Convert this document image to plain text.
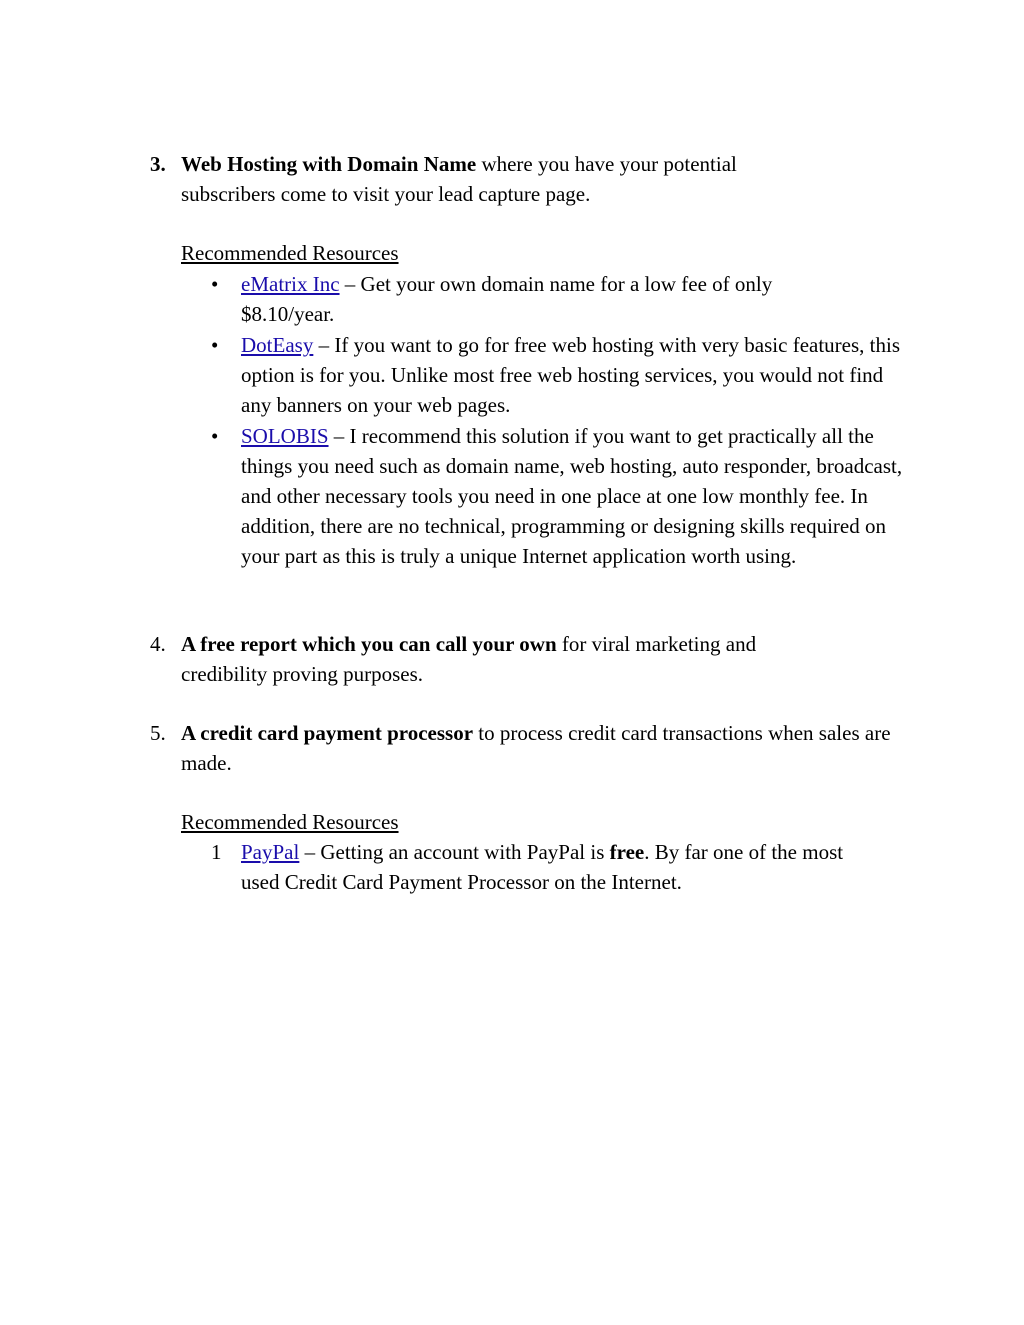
3. Web Hosting with Domain Name where you have your potential subscribers come to visit your lead capture page.
Recommended Resources
•	eMatrix Inc – Get your own domain name for a low fee of only $8.10/year.
•	DotEasy – If you want to go for free web hosting with very basic features, this option is for you. Unlike most free web hosting services, you would not find any banners on your web pages.
•	SOLOBIS – I recommend this solution if you want to get practically all the things you need such as domain name, web hosting, auto responder, broadcast, and other necessary tools you need in one place at one low monthly fee. In addition, there are no technical, programming or designing skills required on your part as this is truly a unique Internet application worth using.
4. A free report which you can call your own for viral marketing and credibility proving purposes.
5. A credit card payment processor to process credit card transactions when sales are made.
Recommended Resources
1 PayPal – Getting an account with PayPal is free. By far one of the most used Credit Card Payment Processor on the Internet.
